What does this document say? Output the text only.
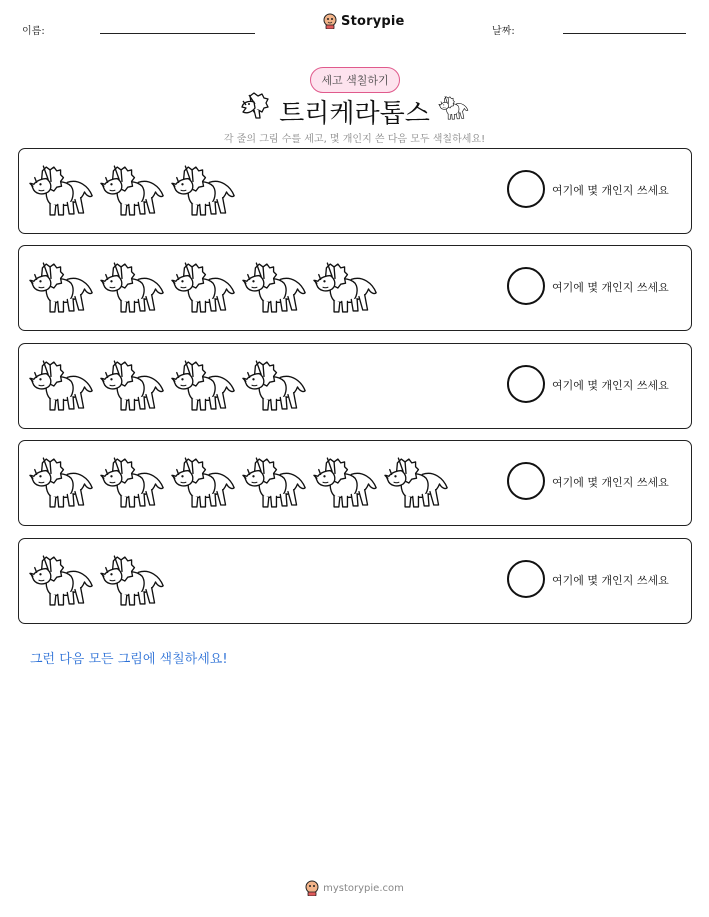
이름:
Storypie
날짜:
세고 색칠하기
트리케라톱스
각 줄의 그림 수를 세고, 몇 개인지 쓴 다음 모두 색칠하세요!
여기에 몇 개인지 쓰세요
여기에 몇 개인지 쓰세요
여기에 몇 개인지 쓰세요
여기에 몇 개인지 쓰세요
여기에 몇 개인지 쓰세요
그런 다음 모든 그림에 색칠하세요!
mystorypie.com
